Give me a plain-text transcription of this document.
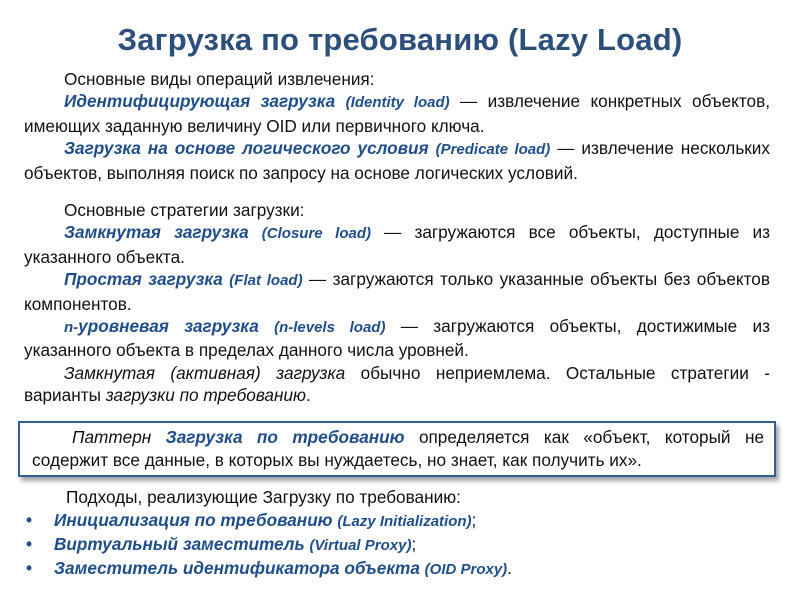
Загрузка по требованию (Lazy Load)

Основные виды операций извлечения:

Идентифицирующая загрузка (Identity load) — извлечение конкретных объектов, имеющих заданную величину OID или первичного ключа.

Загрузка на основе логического условия (Predicate load) — извлечение нескольких объектов, выполняя поиск по запросу на основе логических условий.

Основные стратегии загрузки:

Замкнутая загрузка (Closure load) — загружаются все объекты, доступные из указанного объекта.

Простая загрузка (Flat load) — загружаются только указанные объекты без объектов компонентов.

n-уровневая загрузка (n-levels load) — загружаются объекты, достижимые из указанного объекта в пределах данного числа уровней.

Замкнутая (активная) загрузка обычно неприемлема. Остальные стратегии - варианты загрузки по требованию.

Паттерн Загрузка по требованию определяется как «объект, который не содержит все данные, в которых вы нуждаетесь, но знает, как получить их».
Подходы, реализующие Загрузку по требованию:
• Инициализация по требованию (Lazy Initialization);
• Виртуальный заместитель (Virtual Proxy);
• Заместитель идентификатора объекта (OID Proxy).
